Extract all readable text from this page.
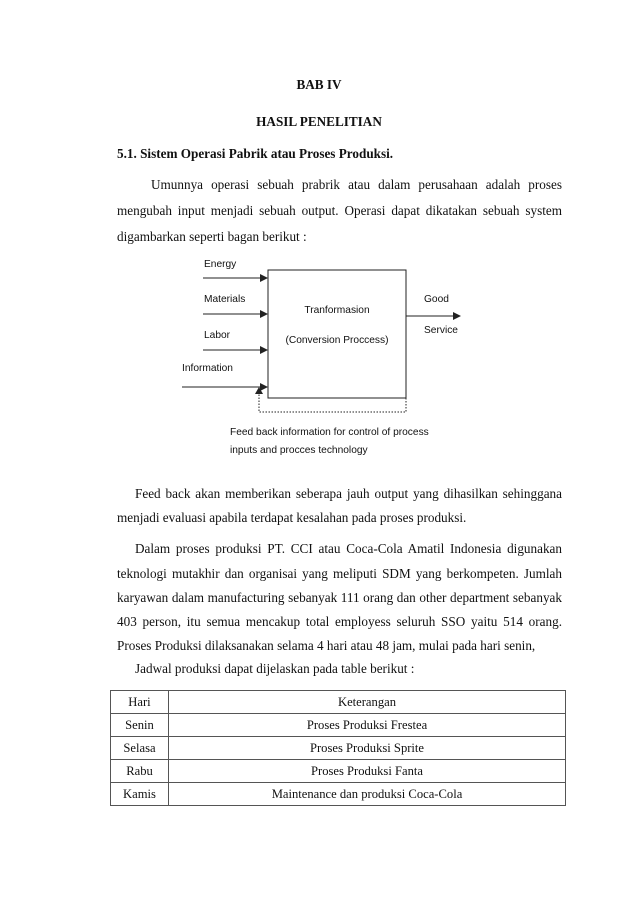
BAB IV
HASIL PENELITIAN
5.1. Sistem Operasi Pabrik atau Proses Produksi.
Umunnya operasi sebuah prabrik atau dalam perusahaan adalah proses
mengubah input menjadi sebuah output. Operasi dapat dikatakan sebuah system
digambarkan seperti bagan berikut :
Energy
Materials
Labor
Information
Tranformasion
(Conversion Proccess)
Good
Service
Feed back information for control of process
inputs and procces technology
Feed back akan memberikan seberapa jauh output yang dihasilkan sehinggana
menjadi evaluasi apabila terdapat kesalahan pada proses produksi.
Dalam proses produksi PT. CCI atau Coca-Cola Amatil Indonesia digunakan
teknologi mutakhir dan organisai yang meliputi SDM yang berkompeten. Jumlah
karyawan dalam manufacturing sebanyak 111 orang dan other department sebanyak
403 person, itu semua mencakup total employess seluruh SSO yaitu 514 orang.
Proses Produksi dilaksanakan selama 4 hari atau 48 jam, mulai pada hari senin,
Jadwal produksi dapat dijelaskan pada table berikut :
Hari	Keterangan
Senin	Proses Produksi Frestea
Selasa	Proses Produksi Sprite
Rabu	Proses Produksi Fanta
Kamis	Maintenance dan produksi Coca-Cola
